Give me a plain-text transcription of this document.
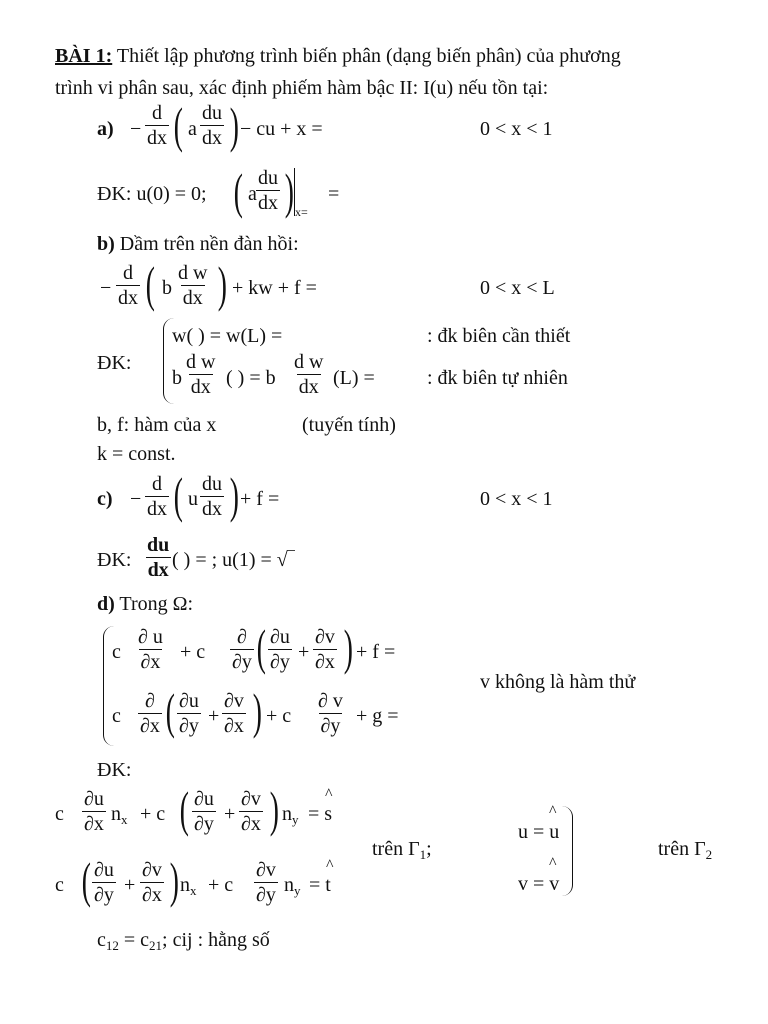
BÀI 1: Thiết lập phương trình biến phân (dạng biến phân) của phương
trình vi phân sau, xác định phiếm hàm bậc II: I(u) nếu tồn tại:
$a) - \frac{d}{dx}$ ( a $\frac{du}{dx}$ ) − cu + x =	0 < x < 1
ĐK: u(0) = 0; ( a $\frac{du}{dx}$ ) x=
=
b) Dầm trên nền đàn hồi:
− $\frac{d}{dx}$ ( b $\frac{\text{d w}}{dx}$ ) + kw + f =	0 < x < L
ĐK:
w( ) = w(L) =	: đk biên cần thiết
b $\frac{\text{d w}}{dx}$ ( ) = b $\frac{\text{d w}}{dx} (L)$ =	: đk biên tự nhiên
b, f: hàm của x	(tuyến tính)
k = const.
$c) - \frac{d}{dx}$ ( u $\frac{du}{dx}$ ) + f =	0 < x < 1
ĐK: $\frac{du}{dx}$ ( ) = ; u(1) = √‾
d) Trong Ω:
c $\frac{\partial u}{\partial x} + c$
∂
∂y ( $\frac{\partial u}{\partial y} + \frac{\partial v}{\partial x}$ ) + f =
v không là hàm thử
c
∂
∂x ( $\frac{\partial u}{\partial y} + \frac{\partial v}{\partial x}$ ) + c $\frac{\partial v}{\partial y} + g$ =
ĐK:
c $\frac{\partial u}{\partial x} n_x + c$ ( $\frac{\partial u}{\partial y} + \frac{\partial v}{\partial x}$ ) $n_y = s$
^
trên $\Gamma_1$;
u = u
^
v = v
^
trên $\Gamma_2$
c ( $\frac{\partial u}{\partial y} + \frac{\partial v}{\partial x}$ ) $n_x + c \frac{\partial v}{\partial y} n_y = t$
^
$c_{12} = c_{21}$; cij : hằng số
